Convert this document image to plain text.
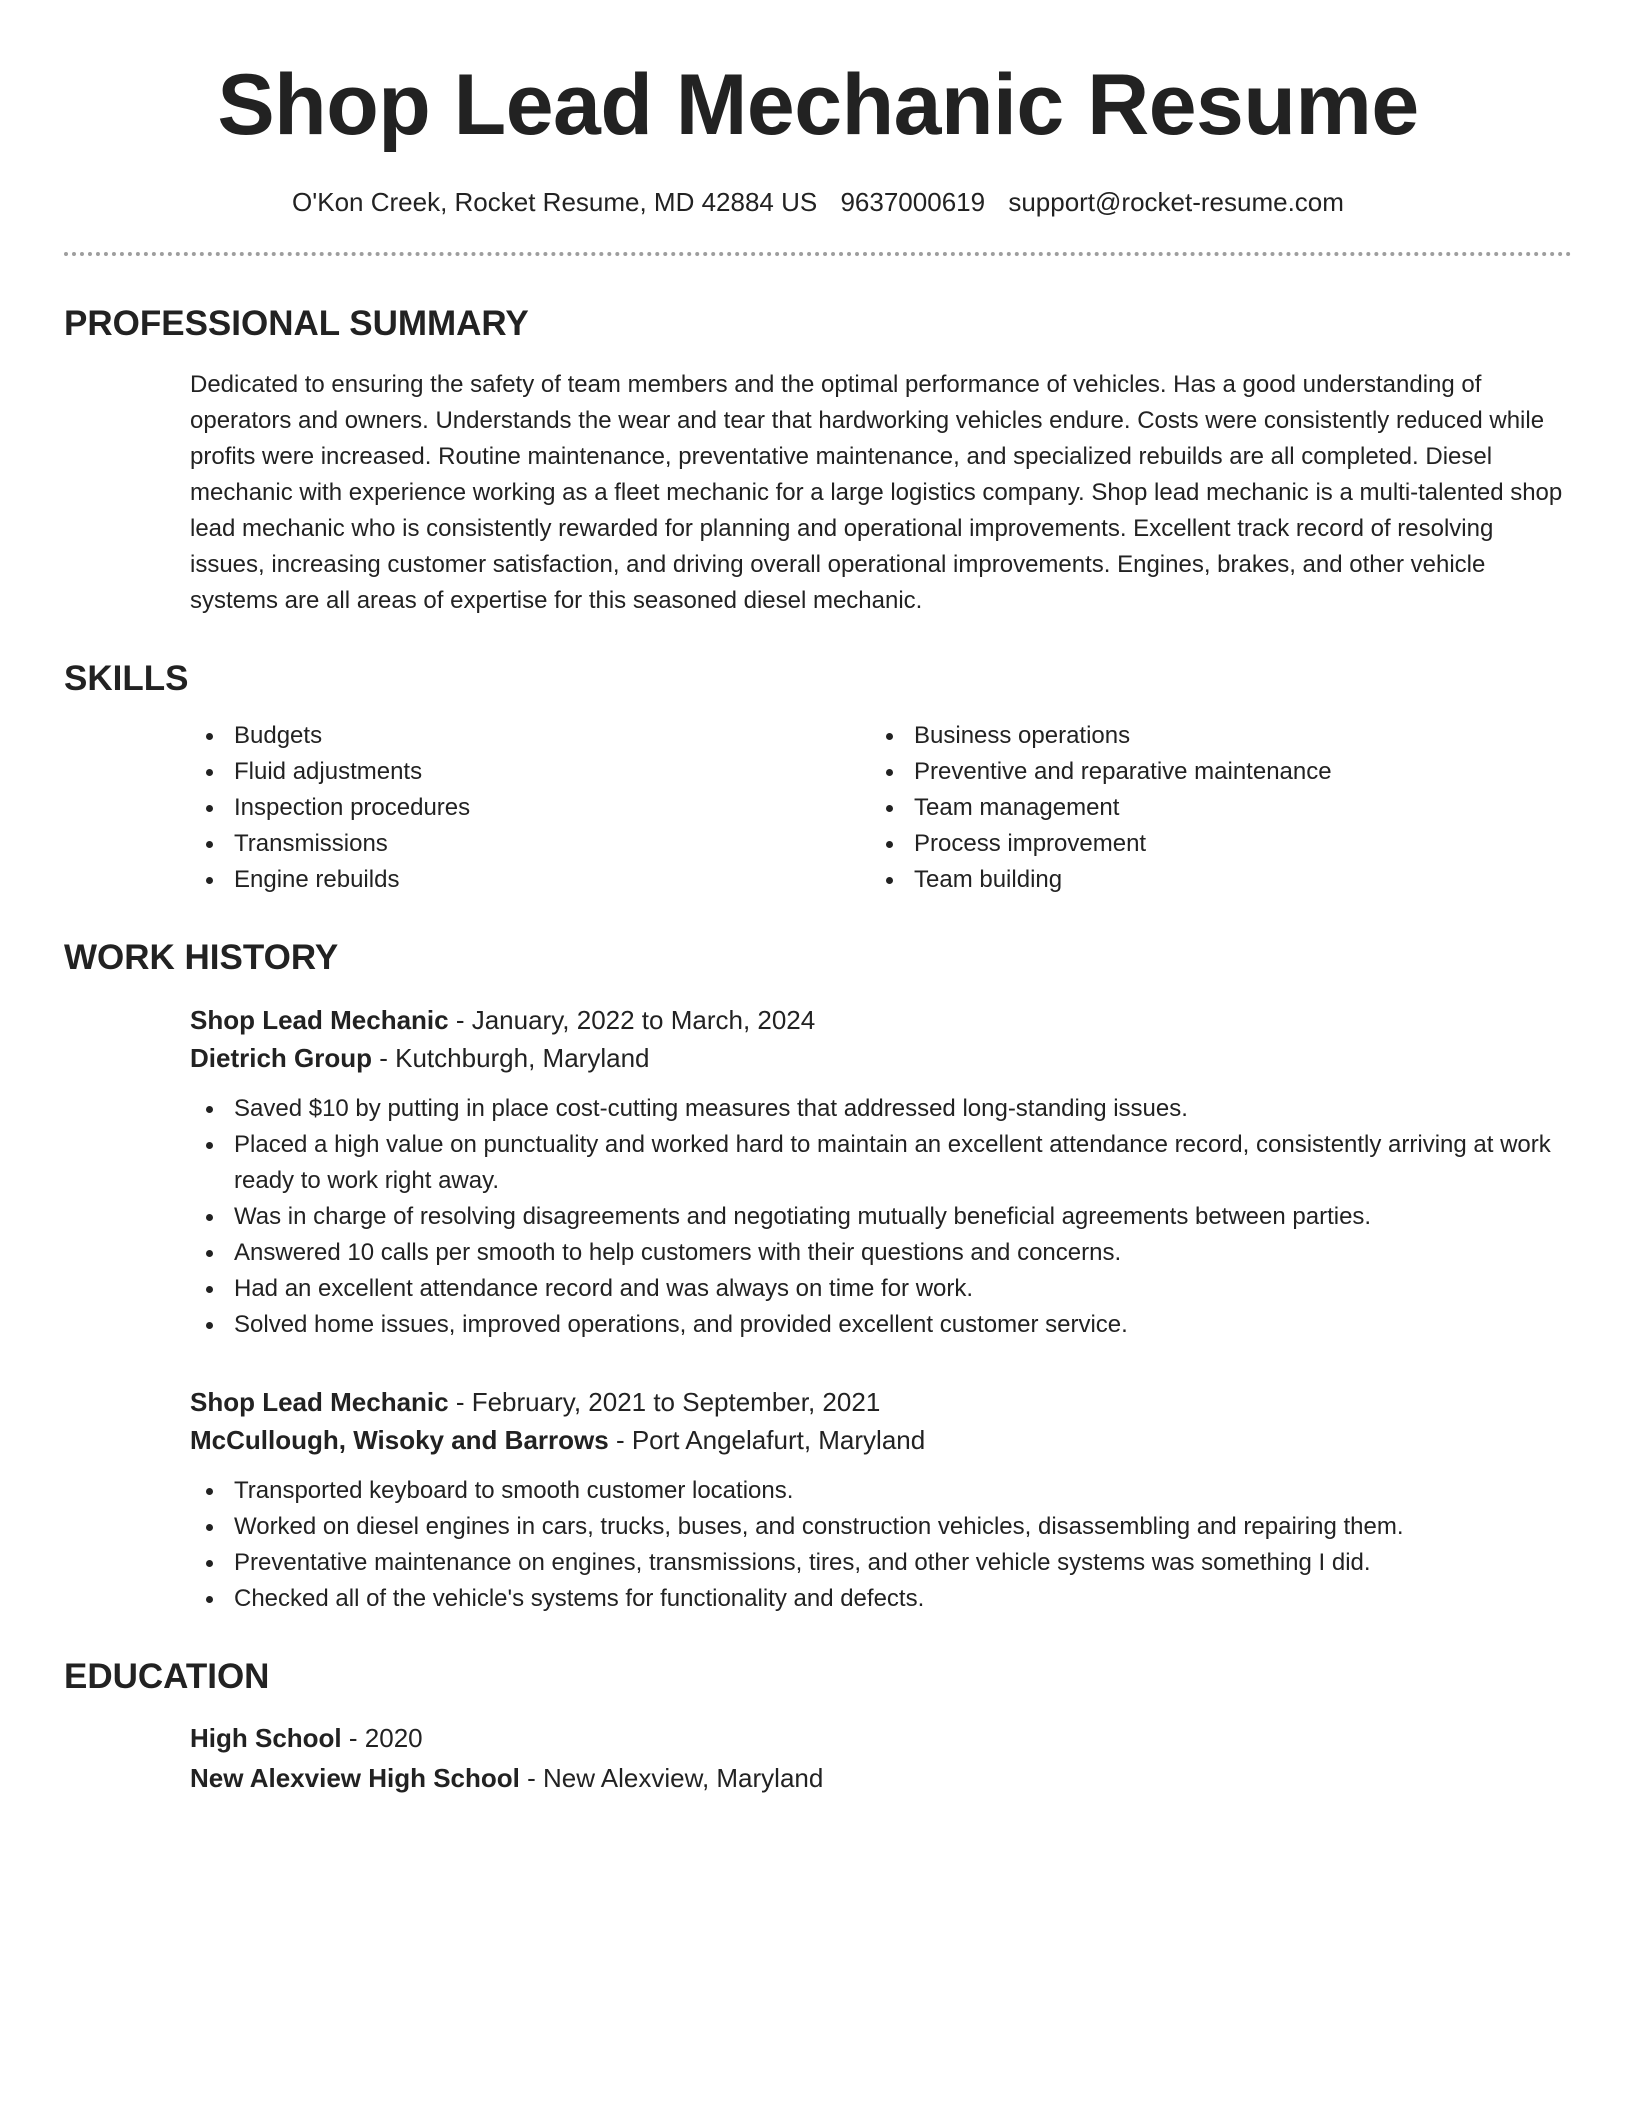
Shop Lead Mechanic Resume
O'Kon Creek, Rocket Resume, MD 42884 US 9637000619 support@rocket-resume.com
PROFESSIONAL SUMMARY

Dedicated to ensuring the safety of team members and the optimal performance of vehicles. Has a good understanding of operators and owners. Understands the wear and tear that hardworking vehicles endure. Costs were consistently reduced while profits were increased. Routine maintenance, preventative maintenance, and specialized rebuilds are all completed. Diesel mechanic with experience working as a fleet mechanic for a large logistics company. Shop lead mechanic is a multi-talented shop lead mechanic who is consistently rewarded for planning and operational improvements. Excellent track record of resolving issues, increasing customer satisfaction, and driving overall operational improvements. Engines, brakes, and other vehicle systems are all areas of expertise for this seasoned diesel mechanic.

SKILLS
Budgets
Fluid adjustments
Inspection procedures
Transmissions
Engine rebuilds
Business operations
Preventive and reparative maintenance
Team management
Process improvement
Team building
WORK HISTORY
Shop Lead Mechanic - January, 2022 to March, 2024
Dietrich Group - Kutchburgh, Maryland
Saved $10 by putting in place cost-cutting measures that addressed long-standing issues.
Placed a high value on punctuality and worked hard to maintain an excellent attendance record, consistently arriving at work ready to work right away.
Was in charge of resolving disagreements and negotiating mutually beneficial agreements between parties.
Answered 10 calls per smooth to help customers with their questions and concerns.
Had an excellent attendance record and was always on time for work.
Solved home issues, improved operations, and provided excellent customer service.
Shop Lead Mechanic - February, 2021 to September, 2021
McCullough, Wisoky and Barrows - Port Angelafurt, Maryland
Transported keyboard to smooth customer locations.
Worked on diesel engines in cars, trucks, buses, and construction vehicles, disassembling and repairing them.
Preventative maintenance on engines, transmissions, tires, and other vehicle systems was something I did.
Checked all of the vehicle's systems for functionality and defects.
EDUCATION
High School - 2020
New Alexview High School - New Alexview, Maryland
